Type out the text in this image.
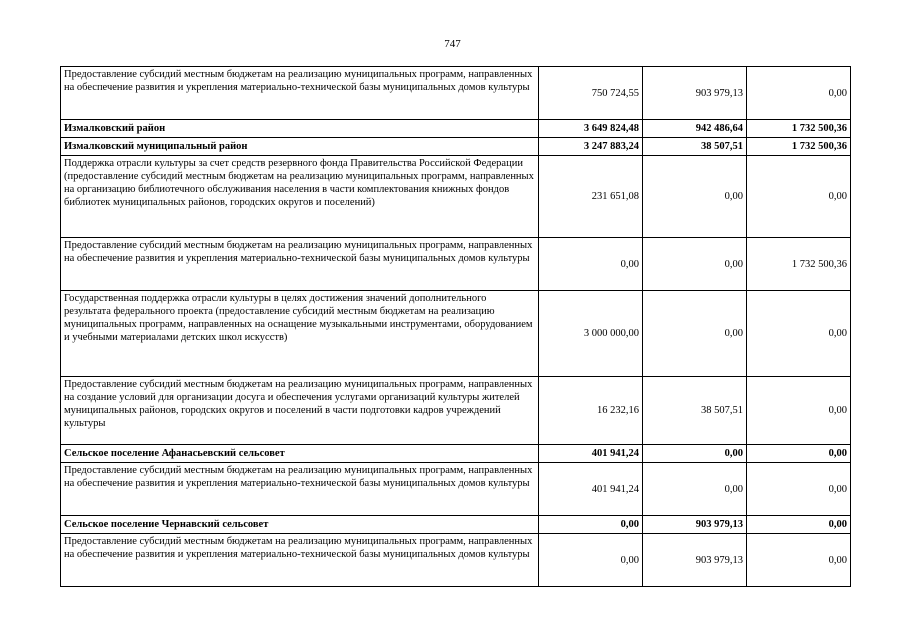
747
Предоставление субсидий местным бюджетам на реализацию муниципальных программ, направленных на обеспечение развития и укрепления материально-технической базы муниципальных домов культуры	750 724,55	903 979,13	0,00
Измалковский район	3 649 824,48	942 486,64	1 732 500,36
Измалковский муниципальный район	3 247 883,24	38 507,51	1 732 500,36
Поддержка отрасли культуры за счет средств резервного фонда Правительства Российской Федерации (предоставление субсидий местным бюджетам на реализацию муниципальных программ, направленных на организацию библиотечного обслуживания населения в части комплектования книжных фондов библиотек муниципальных районов, городских округов и поселений)	231 651,08	0,00	0,00
Предоставление субсидий местным бюджетам на реализацию муниципальных программ, направленных на обеспечение развития и укрепления материально-технической базы муниципальных домов культуры	0,00	0,00	1 732 500,36
Государственная поддержка отрасли культуры в целях достижения значений дополнительного результата федерального проекта (предоставление субсидий местным бюджетам на реализацию муниципальных программ, направленных на оснащение музыкальными инструментами, оборудованием и учебными материалами детских школ искусств)	3 000 000,00	0,00	0,00
Предоставление субсидий местным бюджетам на реализацию муниципальных программ, направленных на создание условий для организации досуга и обеспечения услугами организаций культуры жителей муниципальных районов, городских округов и поселений в части подготовки кадров учреждений культуры	16 232,16	38 507,51	0,00
Сельское поселение Афанасьевский сельсовет	401 941,24	0,00	0,00
Предоставление субсидий местным бюджетам на реализацию муниципальных программ, направленных на обеспечение развития и укрепления материально-технической базы муниципальных домов культуры	401 941,24	0,00	0,00
Сельское поселение Чернавский сельсовет	0,00	903 979,13	0,00
Предоставление субсидий местным бюджетам на реализацию муниципальных программ, направленных на обеспечение развития и укрепления материально-технической базы муниципальных домов культуры	0,00	903 979,13	0,00
